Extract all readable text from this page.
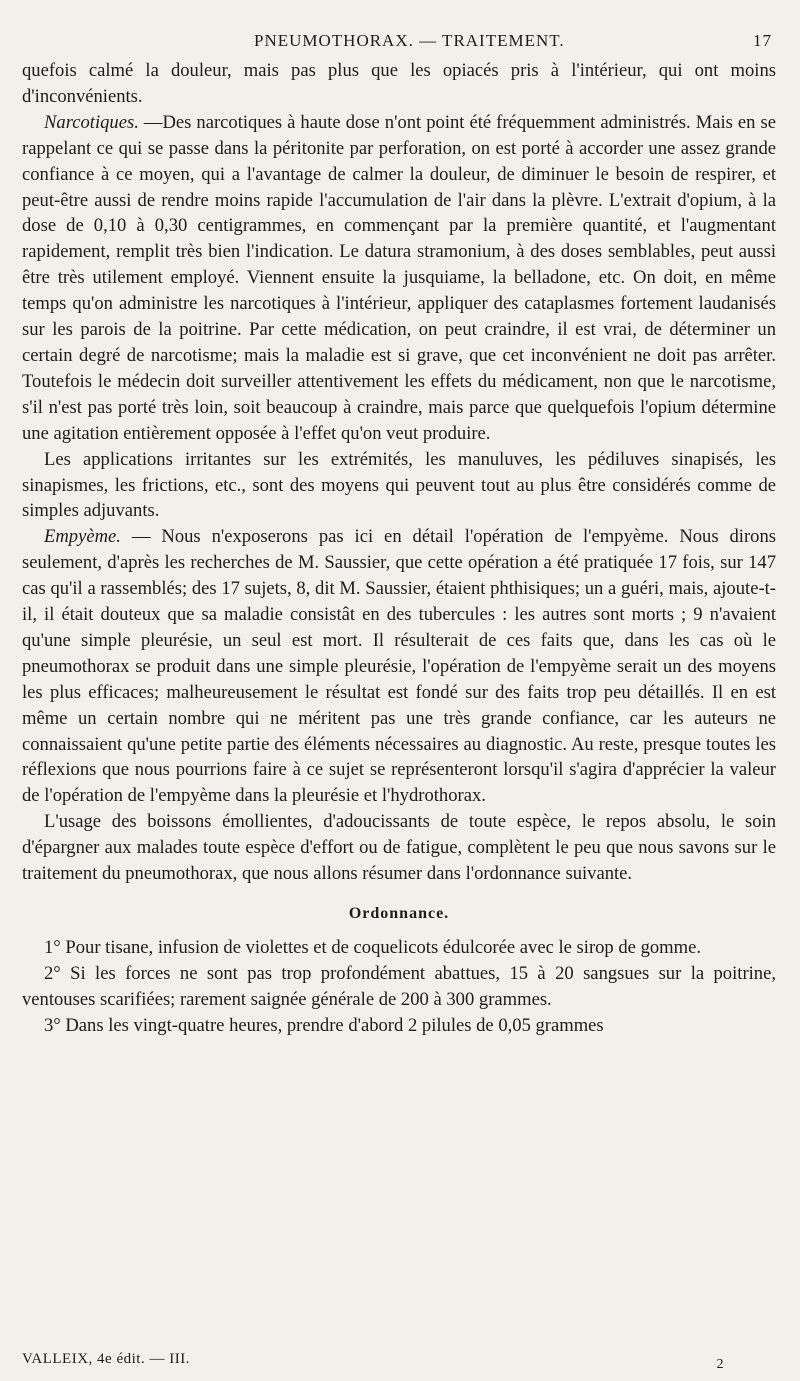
PNEUMOTHORAX. — TRAITEMENT.	17

quefois calmé la douleur, mais pas plus que les opiacés pris à l'intérieur, qui ont moins d'inconvénients.

Narcotiques. —Des narcotiques à haute dose n'ont point été fréquemment administrés. Mais en se rappelant ce qui se passe dans la péritonite par perforation, on est porté à accorder une assez grande confiance à ce moyen, qui a l'avantage de calmer la douleur, de diminuer le besoin de respirer, et peut-être aussi de rendre moins rapide l'accumulation de l'air dans la plèvre. L'extrait d'opium, à la dose de 0,10 à 0,30 centigrammes, en commençant par la première quantité, et l'augmentant rapidement, remplit très bien l'indication. Le datura stramonium, à des doses semblables, peut aussi être très utilement employé. Viennent ensuite la jusquiame, la belladone, etc. On doit, en même temps qu'on administre les narcotiques à l'intérieur, appliquer des cataplasmes fortement laudanisés sur les parois de la poitrine. Par cette médication, on peut craindre, il est vrai, de déterminer un certain degré de narcotisme; mais la maladie est si grave, que cet inconvénient ne doit pas arrêter. Toutefois le médecin doit surveiller attentivement les effets du médicament, non que le narcotisme, s'il n'est pas porté très loin, soit beaucoup à craindre, mais parce que quelquefois l'opium détermine une agitation entièrement opposée à l'effet qu'on veut produire.

Les applications irritantes sur les extrémités, les manuluves, les pédiluves sinapisés, les sinapismes, les frictions, etc., sont des moyens qui peuvent tout au plus être considérés comme de simples adjuvants.

Empyème. — Nous n'exposerons pas ici en détail l'opération de l'empyème. Nous dirons seulement, d'après les recherches de M. Saussier, que cette opération a été pratiquée 17 fois, sur 147 cas qu'il a rassemblés; des 17 sujets, 8, dit M. Saussier, étaient phthisiques; un a guéri, mais, ajoute-t-il, il était douteux que sa maladie consistât en des tubercules : les autres sont morts ; 9 n'avaient qu'une simple pleurésie, un seul est mort. Il résulterait de ces faits que, dans les cas où le pneumothorax se produit dans une simple pleurésie, l'opération de l'empyème serait un des moyens les plus efficaces; malheureusement le résultat est fondé sur des faits trop peu détaillés. Il en est même un certain nombre qui ne méritent pas une très grande confiance, car les auteurs ne connaissaient qu'une petite partie des éléments nécessaires au diagnostic. Au reste, presque toutes les réflexions que nous pourrions faire à ce sujet se représenteront lorsqu'il s'agira d'apprécier la valeur de l'opération de l'empyème dans la pleurésie et l'hydrothorax.

L'usage des boissons émollientes, d'adoucissants de toute espèce, le repos absolu, le soin d'épargner aux malades toute espèce d'effort ou de fatigue, complètent le peu que nous savons sur le traitement du pneumothorax, que nous allons résumer dans l'ordonnance suivante.

Ordonnance.

1° Pour tisane, infusion de violettes et de coquelicots édulcorée avec le sirop de gomme.

2° Si les forces ne sont pas trop profondément abattues, 15 à 20 sangsues sur la poitrine, ventouses scarifiées; rarement saignée générale de 200 à 300 grammes.

3° Dans les vingt-quatre heures, prendre d'abord 2 pilules de 0,05 grammes

VALLEIX, 4e édit. — III.	2
